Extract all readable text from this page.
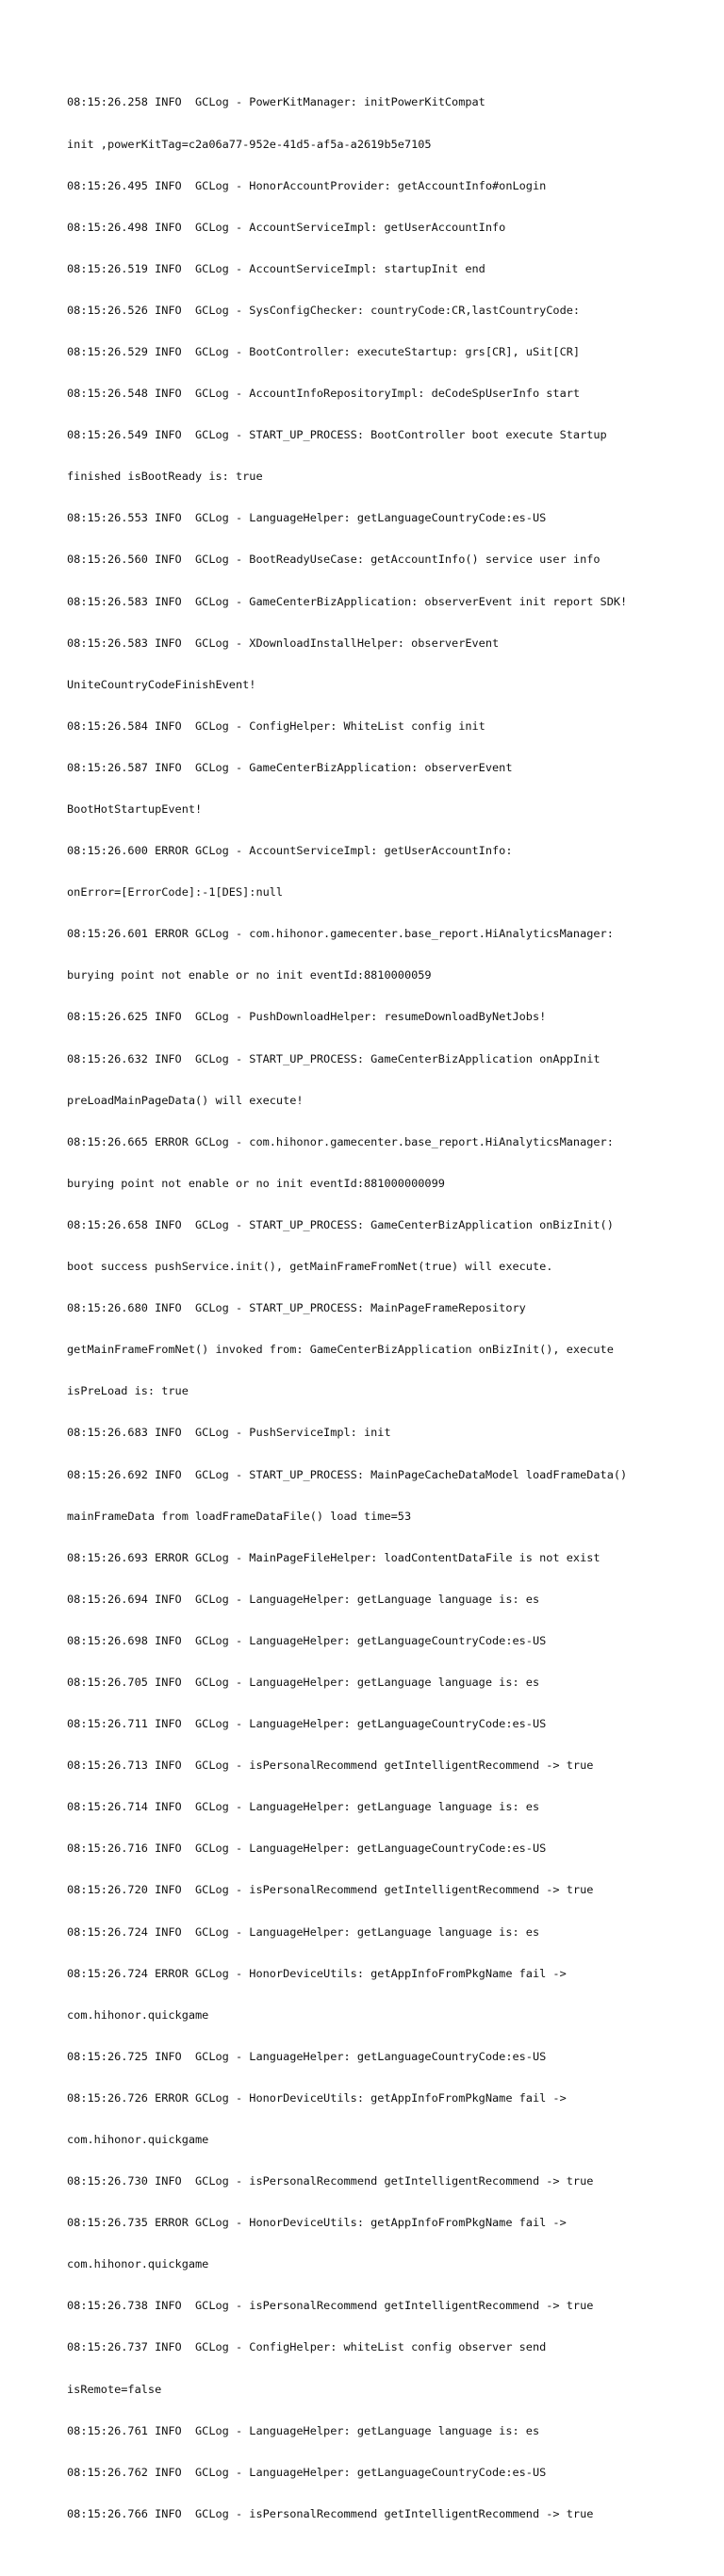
08:15:26.258 INFO  GCLog - PowerKitManager: initPowerKitCompat

init ,powerKitTag=c2a06a77-952e-41d5-af5a-a2619b5e7105

08:15:26.495 INFO  GCLog - HonorAccountProvider: getAccountInfo#onLogin

08:15:26.498 INFO  GCLog - AccountServiceImpl: getUserAccountInfo

08:15:26.519 INFO  GCLog - AccountServiceImpl: startupInit end

08:15:26.526 INFO  GCLog - SysConfigChecker: countryCode:CR,lastCountryCode:

08:15:26.529 INFO  GCLog - BootController: executeStartup: grs[CR], uSit[CR]

08:15:26.548 INFO  GCLog - AccountInfoRepositoryImpl: deCodeSpUserInfo start

08:15:26.549 INFO  GCLog - START_UP_PROCESS: BootController boot execute Startup

finished isBootReady is: true

08:15:26.553 INFO  GCLog - LanguageHelper: getLanguageCountryCode:es-US

08:15:26.560 INFO  GCLog - BootReadyUseCase: getAccountInfo() service user info

08:15:26.583 INFO  GCLog - GameCenterBizApplication: observerEvent init report SDK!

08:15:26.583 INFO  GCLog - XDownloadInstallHelper: observerEvent

UniteCountryCodeFinishEvent!

08:15:26.584 INFO  GCLog - ConfigHelper: WhiteList config init

08:15:26.587 INFO  GCLog - GameCenterBizApplication: observerEvent

BootHotStartupEvent!

08:15:26.600 ERROR GCLog - AccountServiceImpl: getUserAccountInfo:

onError=[ErrorCode]:-1[DES]:null

08:15:26.601 ERROR GCLog - com.hihonor.gamecenter.base_report.HiAnalyticsManager:

burying point not enable or no init eventId:8810000059

08:15:26.625 INFO  GCLog - PushDownloadHelper: resumeDownloadByNetJobs!

08:15:26.632 INFO  GCLog - START_UP_PROCESS: GameCenterBizApplication onAppInit

preLoadMainPageData() will execute!

08:15:26.665 ERROR GCLog - com.hihonor.gamecenter.base_report.HiAnalyticsManager:

burying point not enable or no init eventId:881000000099

08:15:26.658 INFO  GCLog - START_UP_PROCESS: GameCenterBizApplication onBizInit()

boot success pushService.init(), getMainFrameFromNet(true) will execute.

08:15:26.680 INFO  GCLog - START_UP_PROCESS: MainPageFrameRepository

getMainFrameFromNet() invoked from: GameCenterBizApplication onBizInit(), execute

isPreLoad is: true

08:15:26.683 INFO  GCLog - PushServiceImpl: init

08:15:26.692 INFO  GCLog - START_UP_PROCESS: MainPageCacheDataModel loadFrameData()

mainFrameData from loadFrameDataFile() load time=53

08:15:26.693 ERROR GCLog - MainPageFileHelper: loadContentDataFile is not exist

08:15:26.694 INFO  GCLog - LanguageHelper: getLanguage language is: es

08:15:26.698 INFO  GCLog - LanguageHelper: getLanguageCountryCode:es-US

08:15:26.705 INFO  GCLog - LanguageHelper: getLanguage language is: es

08:15:26.711 INFO  GCLog - LanguageHelper: getLanguageCountryCode:es-US

08:15:26.713 INFO  GCLog - isPersonalRecommend getIntelligentRecommend -> true

08:15:26.714 INFO  GCLog - LanguageHelper: getLanguage language is: es

08:15:26.716 INFO  GCLog - LanguageHelper: getLanguageCountryCode:es-US

08:15:26.720 INFO  GCLog - isPersonalRecommend getIntelligentRecommend -> true

08:15:26.724 INFO  GCLog - LanguageHelper: getLanguage language is: es

08:15:26.724 ERROR GCLog - HonorDeviceUtils: getAppInfoFromPkgName fail ->

com.hihonor.quickgame

08:15:26.725 INFO  GCLog - LanguageHelper: getLanguageCountryCode:es-US

08:15:26.726 ERROR GCLog - HonorDeviceUtils: getAppInfoFromPkgName fail ->

com.hihonor.quickgame

08:15:26.730 INFO  GCLog - isPersonalRecommend getIntelligentRecommend -> true

08:15:26.735 ERROR GCLog - HonorDeviceUtils: getAppInfoFromPkgName fail ->

com.hihonor.quickgame

08:15:26.738 INFO  GCLog - isPersonalRecommend getIntelligentRecommend -> true

08:15:26.737 INFO  GCLog - ConfigHelper: whiteList config observer send

isRemote=false

08:15:26.761 INFO  GCLog - LanguageHelper: getLanguage language is: es

08:15:26.762 INFO  GCLog - LanguageHelper: getLanguageCountryCode:es-US

08:15:26.766 INFO  GCLog - isPersonalRecommend getIntelligentRecommend -> true
